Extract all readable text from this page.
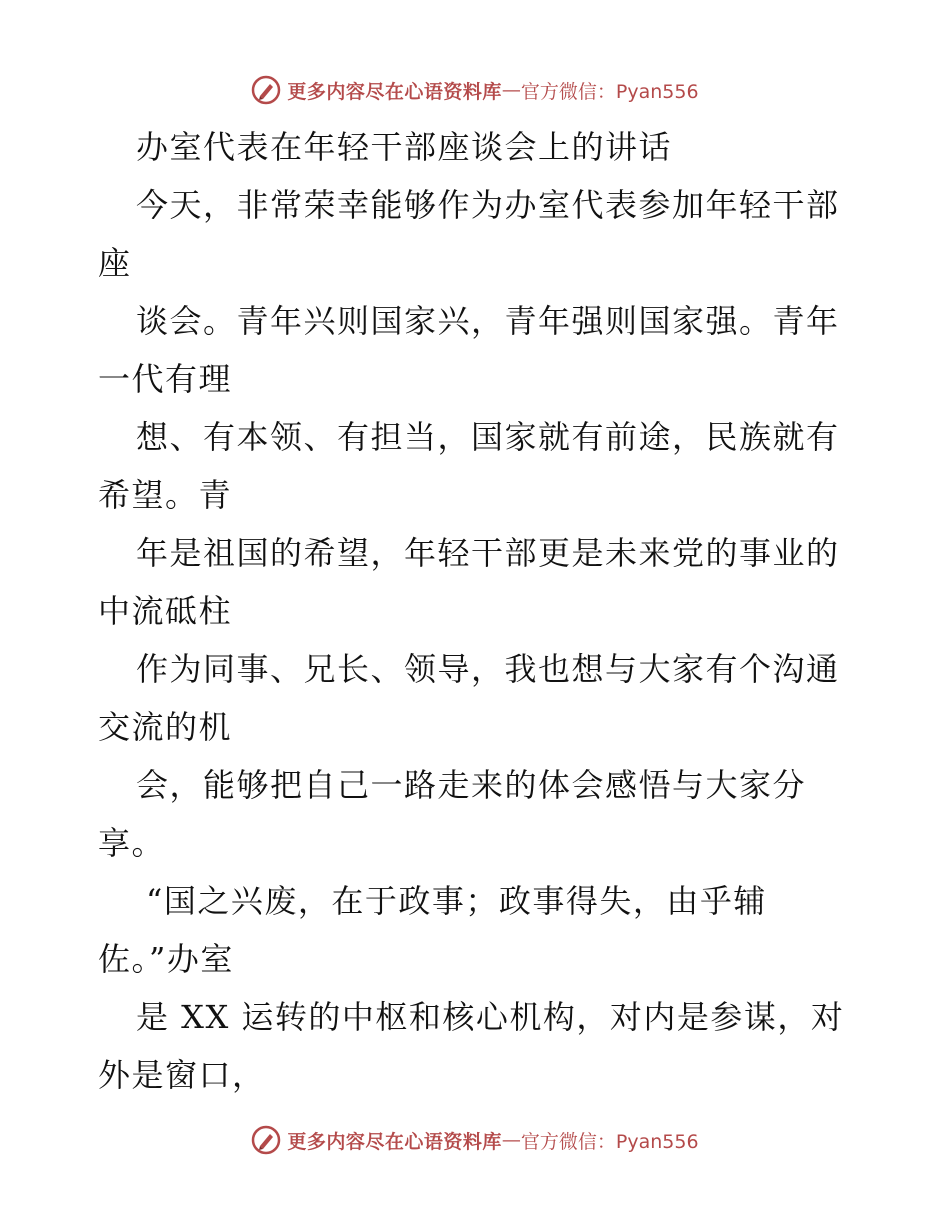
更多内容尽在心语资料库 — 官方微信：Pyan556
办室代表在年轻干部座谈会上的讲话
今天，非常荣幸能够作为办室代表参加年轻干部
座
谈会。青年兴则国家兴，青年强则国家强。青年
一代有理
想、有本领、有担当，国家就有前途，民族就有
希望。青
年是祖国的希望，年轻干部更是未来党的事业的
中流砥柱
作为同事、兄长、领导，我也想与大家有个沟通
交流的机
会，能够把自己一路走来的体会感悟与大家分
享。
“国之兴废，在于政事；政事得失，由乎辅
佐。”办室
是 XX 运转的中枢和核心机构，对内是参谋，对
外是窗口，
更多内容尽在心语资料库 — 官方微信：Pyan556
